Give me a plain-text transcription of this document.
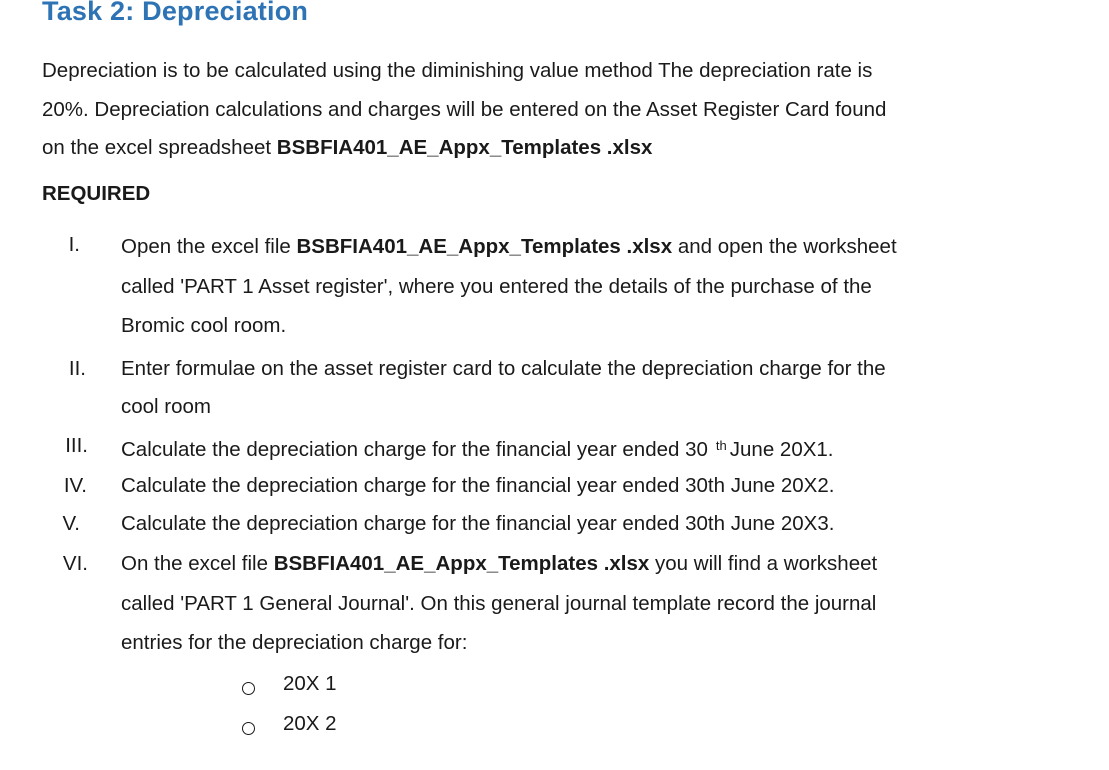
Task 2: Depreciation
Depreciation is to be calculated using the diminishing value method The depreciation rate is
20%. Depreciation calculations and charges will be entered on the Asset Register Card found
on the excel spreadsheet BSBFIA401_AE_Appx_Templates .xlsx
REQUIRED
I. Open the excel file BSBFIA401_AE_Appx_Templates .xlsx and open the worksheet
called 'PART 1 Asset register', where you entered the details of the purchase of the
Bromic cool room.
II. Enter formulae on the asset register card to calculate the depreciation charge for the
cool room
III. Calculate the depreciation charge for the financial year ended 30 $^{th}$ June 20X1.
IV. Calculate the depreciation charge for the financial year ended 30th June 20X2.
V. Calculate the depreciation charge for the financial year ended 30th June 20X3.
VI. On the excel file BSBFIA401_AE_Appx_Templates .xlsx you will find a worksheet
called 'PART 1 General Journal'. On this general journal template record the journal
entries for the depreciation charge for:
20X 1
20X 2
